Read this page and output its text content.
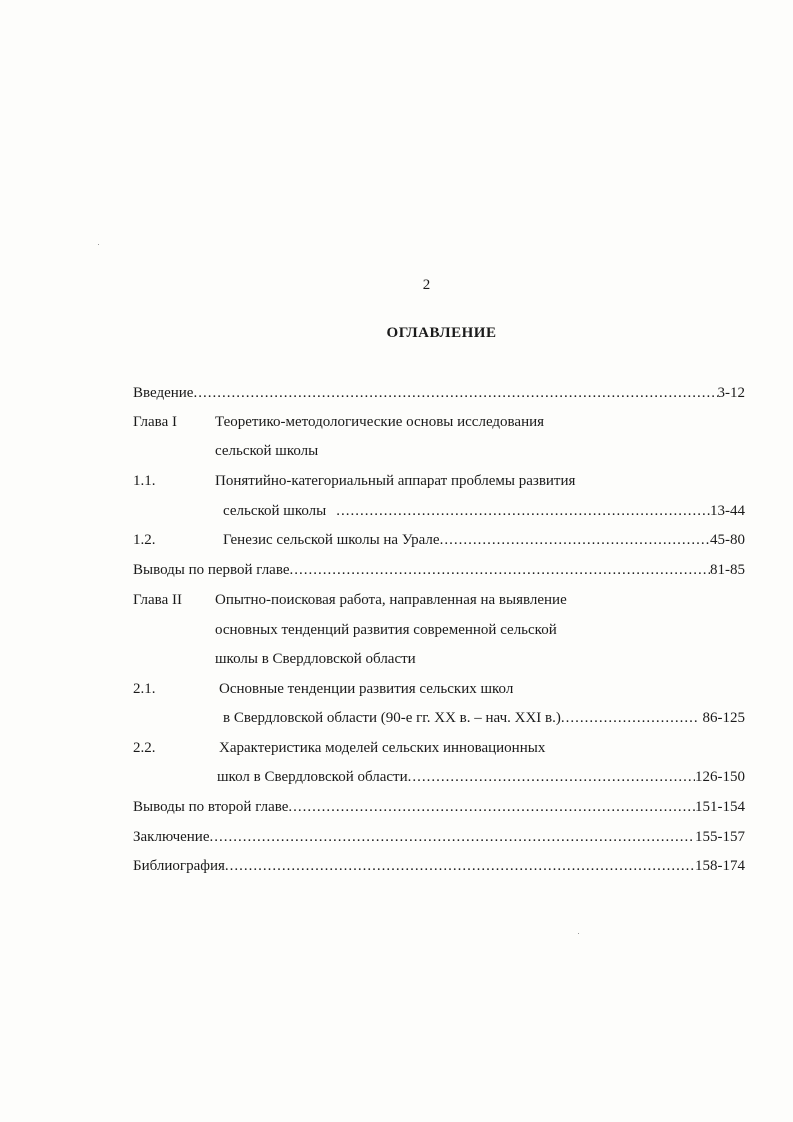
2
ОГЛАВЛЕНИЕ
Введение .....	3-12
Глава I	Теоретико-методологические основы исследования
сельской школы
1.1.	Понятийно-категориальный аппарат проблемы развития
сельской школы .....	13-44
1.2.	Генезис сельской школы на Урале .....	45-80
Выводы по первой главе .....	81-85
Глава II Опытно-поисковая работа, направленная на выявление
основных тенденций развития современной сельской
школы в Свердловской области
2.1.	Основные тенденции развития сельских школ
в Свердловской области (90-е гг. XX в. – нач. XXI в.) .....	86-125
2.2.	Характеристика моделей сельских инновационных
школ в Свердловской области .....	126-150
Выводы по второй главе .....	151-154
Заключение .....	155-157
Библиография .....	158-174
